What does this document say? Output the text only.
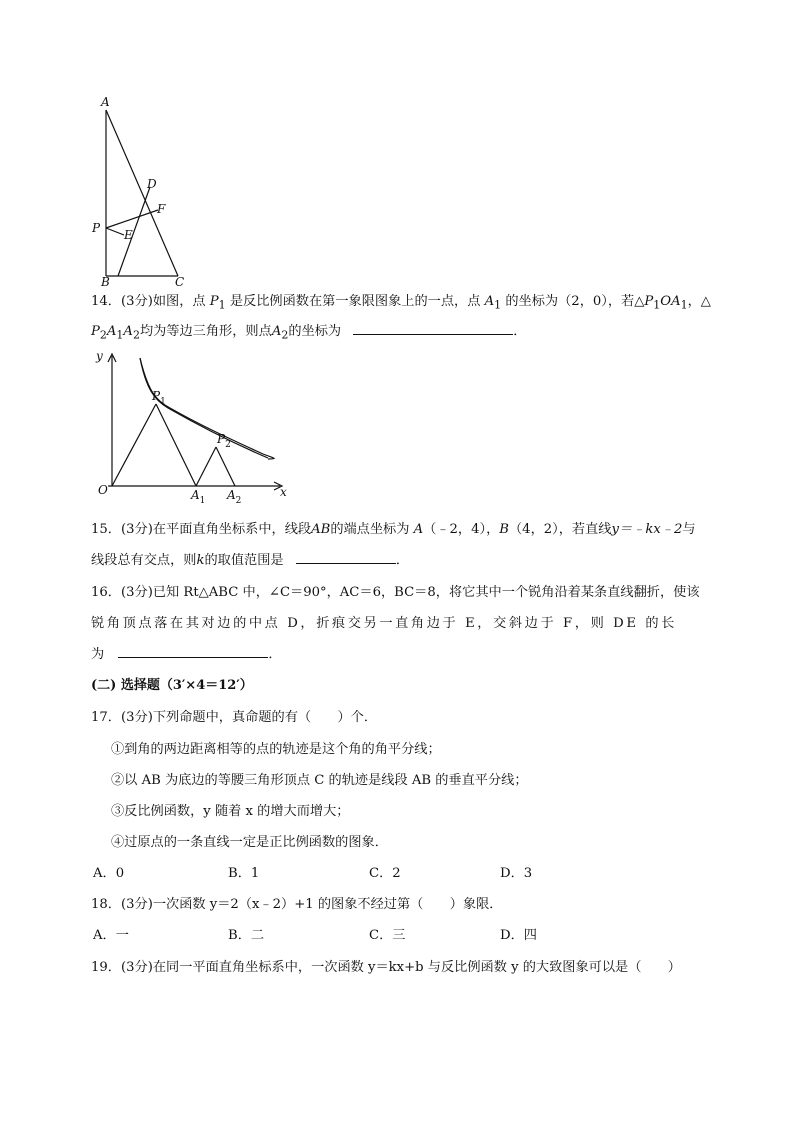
A
D
F
P E
B	C
14．(3分)如图，点 $P_1$ 是反比例函数在第一象限图象上的一点，点 $A_1$ 的坐标为（2，0），若$\triangle P_1OA_1$，△
$P_2A_1A_2$均为等边三角形，则点$A_2$的坐标为	．
y
x
O
$P_1$
$P_2$
$A_1$ $A_2$
15．(3分)在平面直角坐标系中，线段AB的端点坐标为 A（﹣2，4），B（4，2），若直线y＝﹣kx﹣2与
线段总有交点，则k的取值范围是	．
16．(3分)已知 Rt△ABC 中，∠C＝90°，AC＝6，BC＝8，将它其中一个锐角沿着某条直线翻折，使该
锐角顶点落在其对边的中点 D，折痕交另一直角边于 E，交斜边于 F，则 DE 的长
为	．
(二) 选择题（3′×4＝12′）
17．(3分)下列命题中，真命题的有（　　）个．
①到角的两边距离相等的点的轨迹是这个角的角平分线；
②以 AB 为底边的等腰三角形顶点 C 的轨迹是线段 AB 的垂直平分线；
③反比例函数，y 随着 x 的增大而增大；
④过原点的一条直线一定是正比例函数的图象．
A．0	B．1	C．2	D．3
18．(3分)一次函数 y＝2（x﹣2）+1 的图象不经过第（　　）象限．
A．一	B．二	C．三	D．四
19．(3分)在同一平面直角坐标系中，一次函数 y＝kx+b 与反比例函数 y 的大致图象可以是（　　）
